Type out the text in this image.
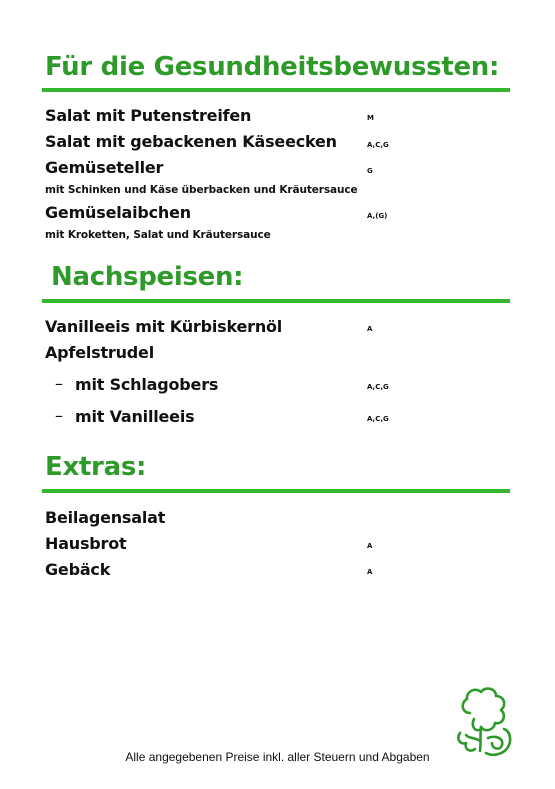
Für die Gesundheitsbewussten:
Salat mit Putenstreifen	M
Salat mit gebackenen Käseecken	A,C,G
Gemüseteller	G
mit Schinken und Käse überbacken und Kräutersauce
Gemüselaibchen	A,(G)
mit Kroketten, Salat und Kräutersauce
Nachspeisen:
Vanilleeis mit Kürbiskernöl	A
Apfelstrudel
– mit Schlagobers	A,C,G
– mit Vanilleeis	A,C,G
Extras:
Beilagensalat
Hausbrot	A
Gebäck	A
Alle angegebenen Preise inkl. aller Steuern und Abgaben
